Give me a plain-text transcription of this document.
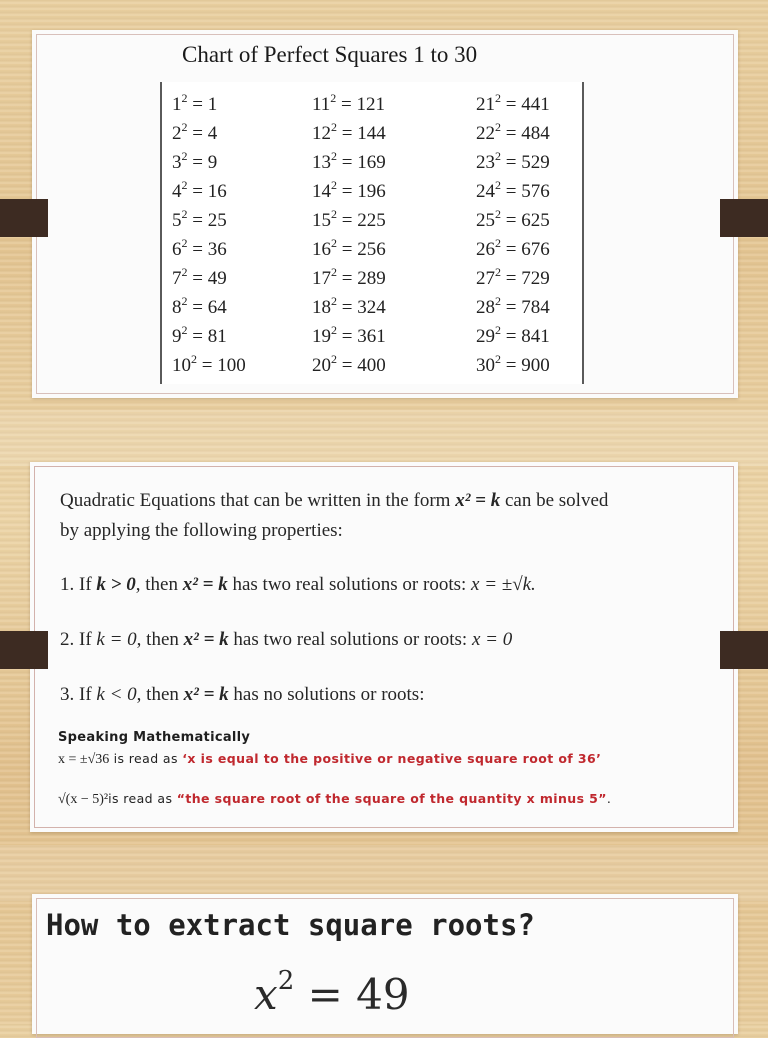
Chart of Perfect Squares 1 to 30
$1^2 = 1$
$2^2 = 4$
$3^2 = 9$
$4^2 = 16$
$5^2 = 25$
$6^2 = 36$
$7^2 = 49$
$8^2 = 64$
$9^2 = 81$
$10^2 = 100$
$11^2 = 121$
$12^2 = 144$
$13^2 = 169$
$14^2 = 196$
$15^2 = 225$
$16^2 = 256$
$17^2 = 289$
$18^2 = 324$
$19^2 = 361$
$20^2 = 400$
$21^2 = 441$
$22^2 = 484$
$23^2 = 529$
$24^2 = 576$
$25^2 = 625$
$26^2 = 676$
$27^2 = 729$
$28^2 = 784$
$29^2 = 841$
$30^2 = 900$
Quadratic Equations that can be written in the form x² = k can be solved
by applying the following properties:
1. If k > 0, then x² = k has two real solutions or roots: x = ±√k.
2. If k = 0, then x² = k has two real solutions or roots: x = 0
3. If k < 0, then x² = k has no solutions or roots:
Speaking Mathematically
x = ±√36 is read as ‘x is equal to the positive or negative square root of 36’
√(x − 5)²is read as “the square root of the square of the quantity x minus 5”.
How to extract square roots?
$x^2 = 49$
